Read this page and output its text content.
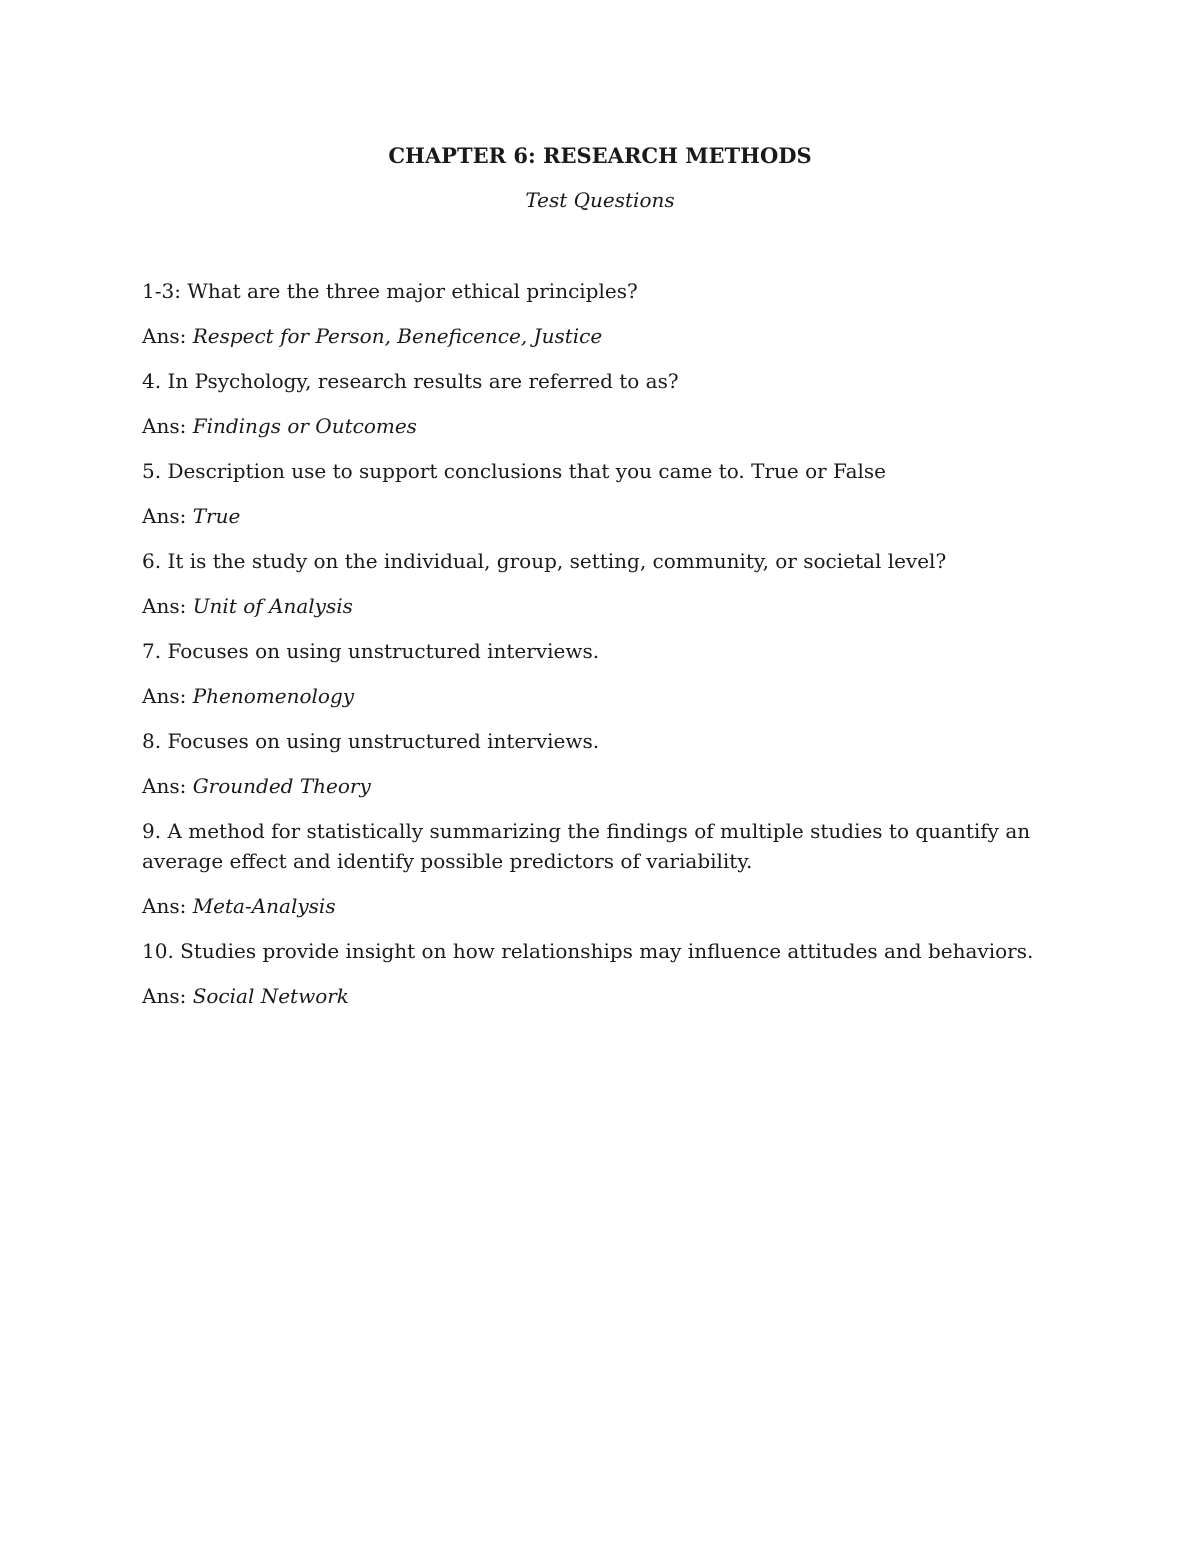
CHAPTER 6: RESEARCH METHODS

Test Questions

1-3: What are the three major ethical principles?

Ans: Respect for Person, Beneficence, Justice

4. In Psychology, research results are referred to as?

Ans: Findings or Outcomes

5. Description use to support conclusions that you came to. True or False

Ans: True

6. It is the study on the individual, group, setting, community, or societal level?

Ans: Unit of Analysis

7. Focuses on using unstructured interviews.

Ans: Phenomenology

8. Focuses on using unstructured interviews.

Ans: Grounded Theory

9. A method for statistically summarizing the findings of multiple studies to quantify an average effect and identify possible predictors of variability.

Ans: Meta-Analysis

10. Studies provide insight on how relationships may influence attitudes and behaviors.

Ans: Social Network
